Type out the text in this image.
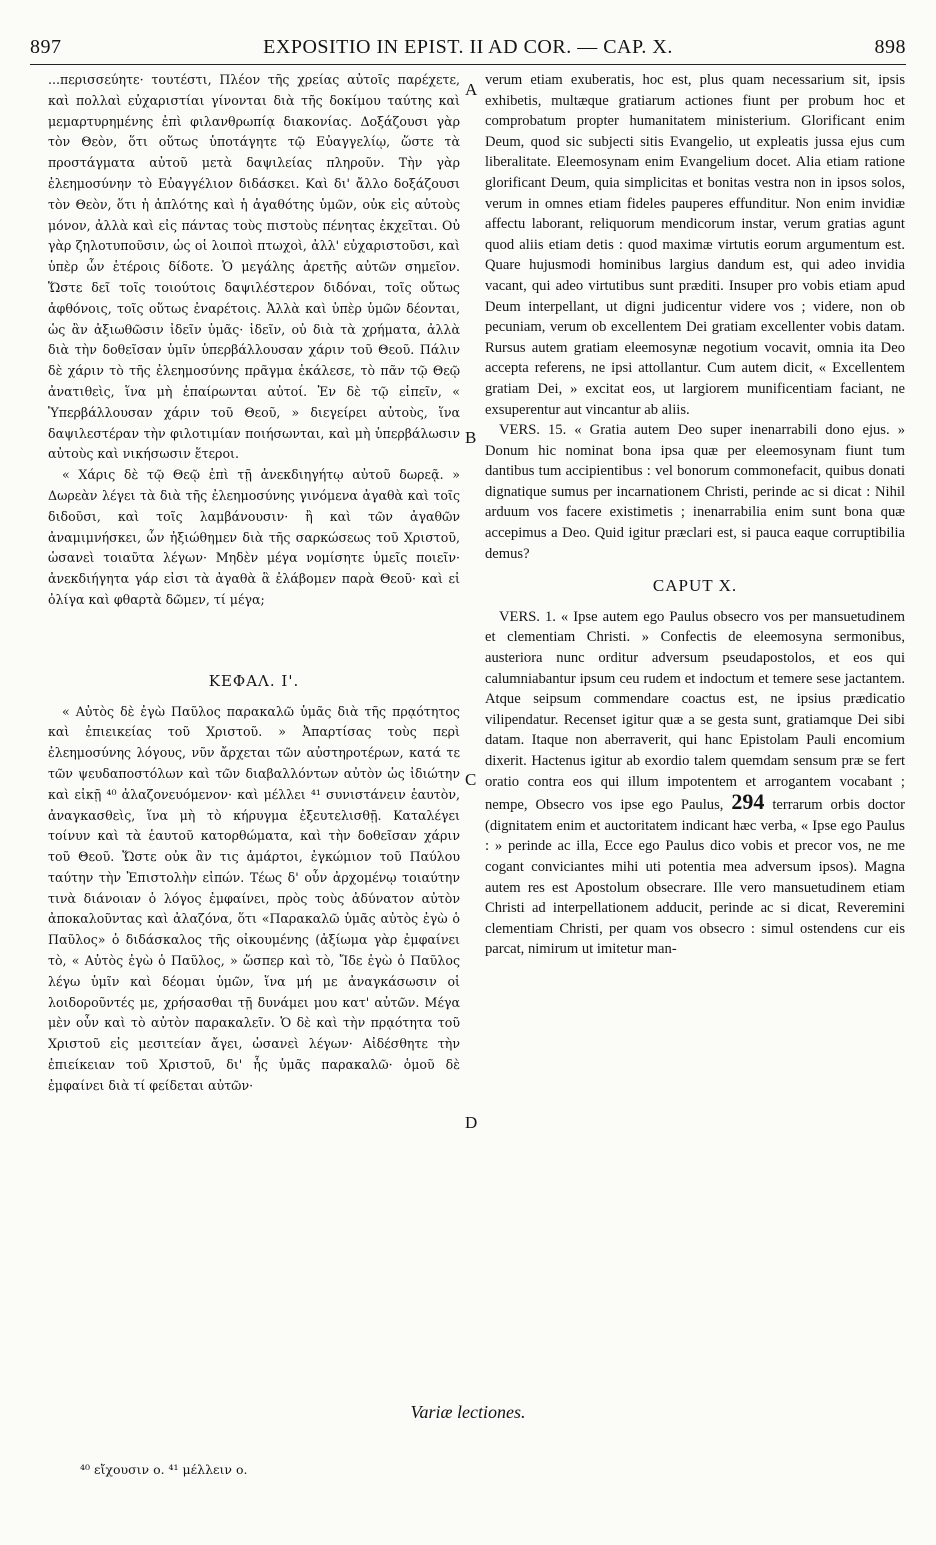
897	EXPOSITIO IN EPIST. II AD COR. — CAP. X.	898

...περισσεύητε· τουτέστι, Πλέον τῆς χρείας αὐτοῖς παρέχετε, καὶ πολλαὶ εὐχαριστίαι γίνονται διὰ τῆς δοκίμου ταύτης καὶ μεμαρτυρημένης ἐπὶ φιλανθρωπίᾳ διακονίας. Δοξάζουσι γὰρ τὸν Θεὸν, ὅτι οὕτως ὑποτάγητε τῷ Εὐαγγελίῳ, ὥστε τὰ προστάγματα αὐτοῦ μετὰ δαψιλείας πληροῦν. Τὴν γὰρ ἐλεημοσύνην τὸ Εὐαγγέλιον διδάσκει. Καὶ δι' ἄλλο δοξάζουσι τὸν Θεὸν, ὅτι ἡ ἁπλότης καὶ ἡ ἀγαθότης ὑμῶν, οὐκ εἰς αὐτοὺς μόνον, ἀλλὰ καὶ εἰς πάντας τοὺς πιστοὺς πένητας ἐκχεῖται. Οὐ γὰρ ζηλοτυποῦσιν, ὡς οἱ λοιποὶ πτωχοὶ, ἀλλ' εὐχαριστοῦσι, καὶ ὑπὲρ ὧν ἑτέροις δίδοτε. Ὁ μεγάλης ἀρετῆς αὐτῶν σημεῖον. Ὥστε δεῖ τοῖς τοιούτοις δαψιλέστερον διδόναι, τοῖς οὕτως ἀφθόνοις, τοῖς οὕτως ἐναρέτοις. Ἀλλὰ καὶ ὑπὲρ ὑμῶν δέονται, ὡς ἂν ἀξιωθῶσιν ἰδεῖν ὑμᾶς· ἰδεῖν, οὐ διὰ τὰ χρήματα, ἀλλὰ διὰ τὴν δοθεῖσαν ὑμῖν ὑπερβάλλουσαν χάριν τοῦ Θεοῦ. Πάλιν δὲ χάριν τὸ τῆς ἐλεημοσύνης πρᾶγμα ἐκάλεσε, τὸ πᾶν τῷ Θεῷ ἀνατιθεὶς, ἵνα μὴ ἐπαίρωνται αὐτοί. Ἐν δὲ τῷ εἰπεῖν, « Ὑπερβάλλουσαν χάριν τοῦ Θεοῦ, » διεγείρει αὐτοὺς, ἵνα δαψιλεστέραν τὴν φιλοτιμίαν ποιήσωνται, καὶ μὴ ὑπερβάλωσιν αὐτοὺς καὶ νικήσωσιν ἕτεροι.

« Χάρις δὲ τῷ Θεῷ ἐπὶ τῇ ἀνεκδιηγήτῳ αὐτοῦ δωρεᾷ. » Δωρεὰν λέγει τὰ διὰ τῆς ἐλεημοσύνης γινόμενα ἀγαθὰ καὶ τοῖς διδοῦσι, καὶ τοῖς λαμβάνουσιν· ἢ καὶ τῶν ἀγαθῶν ἀναμιμνήσκει, ὧν ἠξιώθημεν διὰ τῆς σαρκώσεως τοῦ Χριστοῦ, ὡσανεὶ τοιαῦτα λέγων· Μηδὲν μέγα νομίσητε ὑμεῖς ποιεῖν· ἀνεκδιήγητα γάρ εἰσι τὰ ἀγαθὰ ἃ ἐλάβομεν παρὰ Θεοῦ· καὶ εἰ ὀλίγα καὶ φθαρτὰ δῶμεν, τί μέγα;

ΚΕΦΑΛ. Ι'.

« Αὐτὸς δὲ ἐγὼ Παῦλος παρακαλῶ ὑμᾶς διὰ τῆς πρᾳότητος καὶ ἐπιεικείας τοῦ Χριστοῦ. » Ἀπαρτίσας τοὺς περὶ ἐλεημοσύνης λόγους, νῦν ἄρχεται τῶν αὐστηροτέρων, κατά τε τῶν ψευδαποστόλων καὶ τῶν διαβαλλόντων αὐτὸν ὡς ἰδιώτην καὶ εἰκῇ ⁴⁰ ἀλαζονευόμενον· καὶ μέλλει ⁴¹ συνιστάνειν ἑαυτὸν, ἀναγκασθεὶς, ἵνα μὴ τὸ κήρυγμα ἐξευτελισθῇ. Καταλέγει τοίνυν καὶ τὰ ἑαυτοῦ κατορθώματα, καὶ τὴν δοθεῖσαν χάριν τοῦ Θεοῦ. Ὥστε οὐκ ἂν τις ἁμάρτοι, ἐγκώμιον τοῦ Παύλου ταύτην τὴν Ἐπιστολὴν εἰπών. Τέως δ' οὖν ἀρχομένῳ τοιαύτην τινὰ διάνοιαν ὁ λόγος ἐμφαίνει, πρὸς τοὺς ἀδύνατον αὐτὸν ἀποκαλοῦντας καὶ ἀλαζόνα, ὅτι «Παρακαλῶ ὑμᾶς αὐτὸς ἐγὼ ὁ Παῦλος» ὁ διδάσκαλος τῆς οἰκουμένης (ἀξίωμα γὰρ ἐμφαίνει τὸ, « Αὐτὸς ἐγὼ ὁ Παῦλος, » ὥσπερ καὶ τὸ, Ἴδε ἐγὼ ὁ Παῦλος λέγω ὑμῖν καὶ δέομαι ὑμῶν, ἵνα μή με ἀναγκάσωσιν οἱ λοιδοροῦντές με, χρήσασθαι τῇ δυνάμει μου κατ' αὐτῶν. Μέγα μὲν οὖν καὶ τὸ αὐτὸν παρακαλεῖν. Ὁ δὲ καὶ τὴν πρᾳότητα τοῦ Χριστοῦ εἰς μεσιτείαν ἄγει, ὡσανεὶ λέγων· Αἰδέσθητε τὴν ἐπιείκειαν τοῦ Χριστοῦ, δι' ἧς ὑμᾶς παρακαλῶ· ὁμοῦ δὲ ἐμφαίνει διὰ τί φείδεται αὐτῶν·

A
B
C
D

verum etiam exuberatis, hoc est, plus quam necessarium sit, ipsis exhibetis, multæque gratiarum actiones fiunt per probum hoc et comprobatum propter humanitatem ministerium. Glorificant enim Deum, quod sic subjecti sitis Evangelio, ut expleatis jussa ejus cum liberalitate. Eleemosynam enim Evangelium docet. Alia etiam ratione glorificant Deum, quia simplicitas et bonitas vestra non in ipsos solos, verum in omnes etiam fideles pauperes effunditur. Non enim invidiæ affectu laborant, reliquorum mendicorum instar, verum gratias agunt quod aliis etiam detis : quod maximæ virtutis eorum argumentum est. Quare hujusmodi hominibus largius dandum est, qui adeo invidia vacant, qui adeo virtutibus sunt præditi. Insuper pro vobis etiam apud Deum interpellant, ut digni judicentur videre vos ; videre, non ob pecuniam, verum ob excellentem Dei gratiam excellenter vobis datam. Rursus autem gratiam eleemosynæ negotium vocavit, omnia ita Deo accepta referens, ne ipsi attollantur. Cum autem dicit, « Excellentem gratiam Dei, » excitat eos, ut largiorem munificentiam faciant, ne exsuperentur aut vincantur ab aliis.

VERS. 15. « Gratia autem Deo super inenarrabili dono ejus. » Donum hic nominat bona ipsa quæ per eleemosynam fiunt tum dantibus tum accipientibus : vel bonorum commonefacit, quibus donati dignatique sumus per incarnationem Christi, perinde ac si dicat : Nihil arduum vos facere existimetis ; inenarrabilia enim sunt bona quæ accepimus a Deo. Quid igitur præclari est, si pauca eaque corruptibilia demus?

CAPUT X.

VERS. 1. « Ipse autem ego Paulus obsecro vos per mansuetudinem et clementiam Christi. » Confectis de eleemosyna sermonibus, austeriora nunc orditur adversum pseudapostolos, et eos qui calumniabantur ipsum ceu rudem et indoctum et temere sese jactantem. Atque seipsum commendare coactus est, ne ipsius prædicatio vilipendatur. Recenset igitur quæ a se gesta sunt, gratiamque Dei sibi datam. Itaque non aberraverit, qui hanc Epistolam Pauli encomium dixerit. Hactenus igitur ab exordio talem quemdam sensum præ se fert oratio contra eos qui illum impotentem et arrogantem vocabant ; nempe, Obsecro vos ipse ego Paulus, 294 terrarum orbis doctor (dignitatem enim et auctoritatem indicant hæc verba, « Ipse ego Paulus : » perinde ac illa, Ecce ego Paulus dico vobis et precor vos, ne me cogant conviciantes mihi uti potentia mea adversum ipsos). Magna autem res est Apostolum obsecrare. Ille vero mansuetudinem etiam Christi ad interpellationem adducit, perinde ac si dicat, Reveremini clementiam Christi, per quam vos obsecro : simul ostendens cur eis parcat, nimirum ut imitetur man-

Variæ lectiones.
⁴⁰ εἴχουσιν ο. ⁴¹ μέλλειν ο.
